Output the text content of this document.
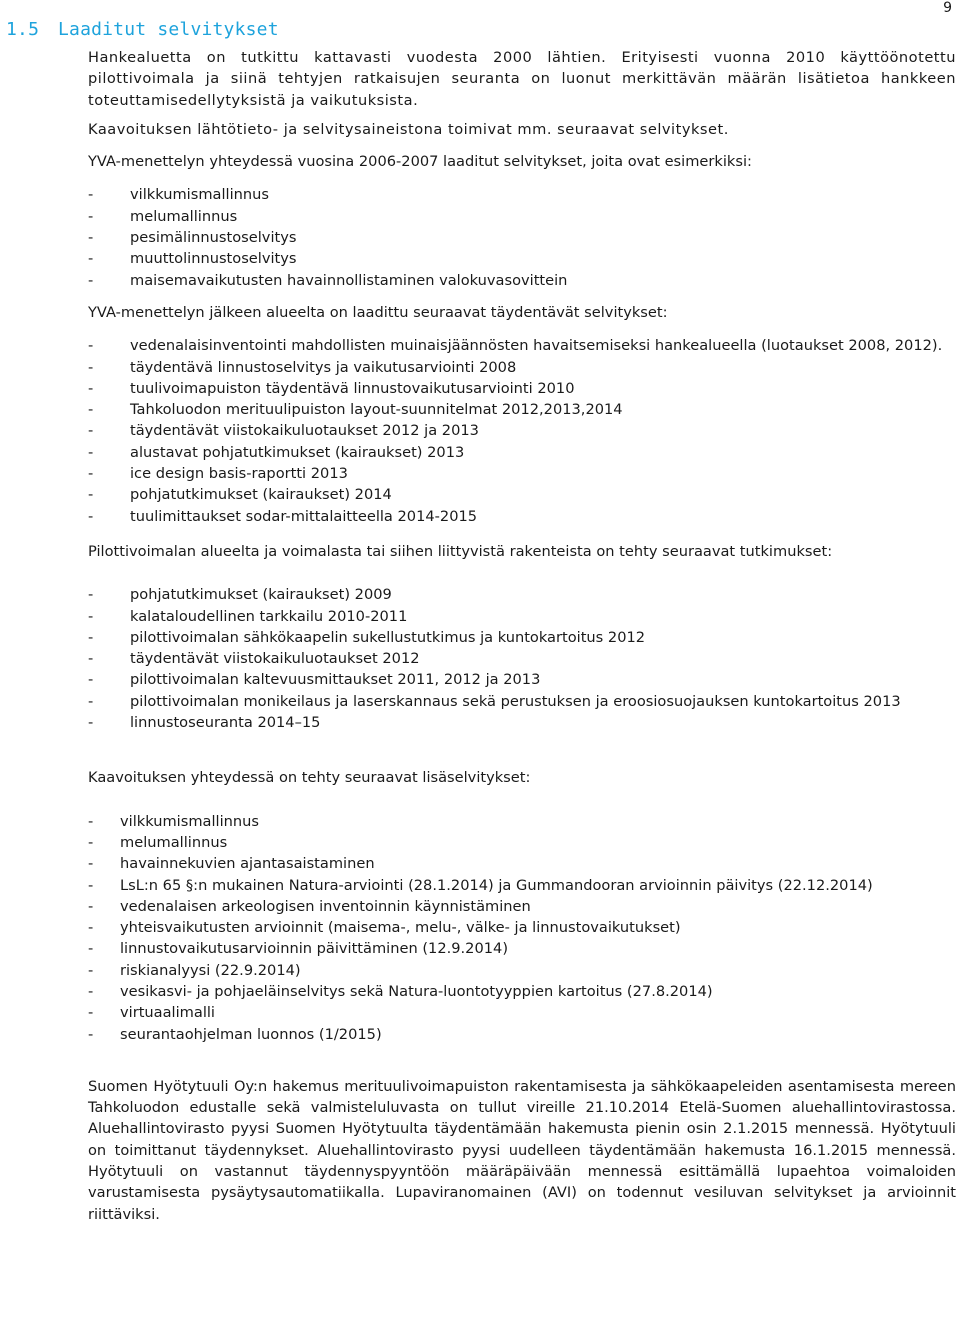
9
1.5 Laaditut selvitykset

Hankealuetta on tutkittu kattavasti vuodesta 2000 lähtien. Erityisesti vuonna 2010 käyttöönotettu pilottivoimala ja siinä tehtyjen ratkaisujen seuranta on luonut merkittävän määrän lisätietoa hankkeen toteuttamisedellytyksistä ja vaikutuksista.

Kaavoituksen lähtötieto- ja selvitysaineistona toimivat mm. seuraavat selvitykset.

YVA-menettelyn yhteydessä vuosina 2006-2007 laaditut selvitykset, joita ovat esimerkiksi:

- vilkkumismallinnus
- melumallinnus
- pesimälinnustoselvitys
- muuttolinnustoselvitys
- maisemavaikutusten havainnollistaminen valokuvasovittein

YVA-menettelyn jälkeen alueelta on laadittu seuraavat täydentävät selvitykset:

- vedenalaisinventointi mahdollisten muinaisjäännösten havaitsemiseksi hankealueella (luotaukset 2008, 2012).
- täydentävä linnustoselvitys ja vaikutusarviointi 2008
- tuulivoimapuiston täydentävä linnustovaikutusarviointi 2010
- Tahkoluodon merituulipuiston layout-suunnitelmat 2012,2013,2014
- täydentävät viistokaikuluotaukset 2012 ja 2013
- alustavat pohjatutkimukset (kairaukset) 2013
- ice design basis-raportti 2013
- pohjatutkimukset (kairaukset) 2014
- tuulimittaukset sodar-mittalaitteella 2014-2015

Pilottivoimalan alueelta ja voimalasta tai siihen liittyvistä rakenteista on tehty seuraavat tutkimukset:

- pohjatutkimukset (kairaukset) 2009
- kalataloudellinen tarkkailu 2010-2011
- pilottivoimalan sähkökaapelin sukellustutkimus ja kuntokartoitus 2012
- täydentävät viistokaikuluotaukset 2012
- pilottivoimalan kaltevuusmittaukset 2011, 2012 ja 2013
- pilottivoimalan monikeilaus ja laserskannaus sekä perustuksen ja eroosiosuojauksen kuntokartoitus 2013
- linnustoseuranta 2014–15

Kaavoituksen yhteydessä on tehty seuraavat lisäselvitykset:

- vilkkumismallinnus
- melumallinnus
- havainnekuvien ajantasaistaminen
- LsL:n 65 §:n mukainen Natura-arviointi (28.1.2014) ja Gummandooran arvioinnin päivitys (22.12.2014)
- vedenalaisen arkeologisen inventoinnin käynnistäminen
- yhteisvaikutusten arvioinnit (maisema-, melu-, välke- ja linnustovaikutukset)
- linnustovaikutusarvioinnin päivittäminen (12.9.2014)
- riskianalyysi (22.9.2014)
- vesikasvi- ja pohjaeläinselvitys sekä Natura-luontotyyppien kartoitus (27.8.2014)
- virtuaalimalli
- seurantaohjelman luonnos (1/2015)

Suomen Hyötytuuli Oy:n hakemus merituulivoimapuiston rakentamisesta ja sähkökaapeleiden asentamisesta mereen Tahkoluodon edustalle sekä valmisteluluvasta on tullut vireille 21.10.2014 Etelä-Suomen aluehallintovirastossa. Aluehallintovirasto pyysi Suomen Hyötytuulta täydentämään hakemusta pienin osin 2.1.2015 mennessä. Hyötytuuli on toimittanut täydennykset. Aluehallintovirasto pyysi uudelleen täydentämään hakemusta 16.1.2015 mennessä. Hyötytuuli on vastannut täydennyspyyntöön määräpäivään mennessä esittämällä lupaehtoa voimaloiden varustamisesta pysäytysautomatiikalla. Lupaviranomainen (AVI) on todennut vesiluvan selvitykset ja arvioinnit riittäviksi.
